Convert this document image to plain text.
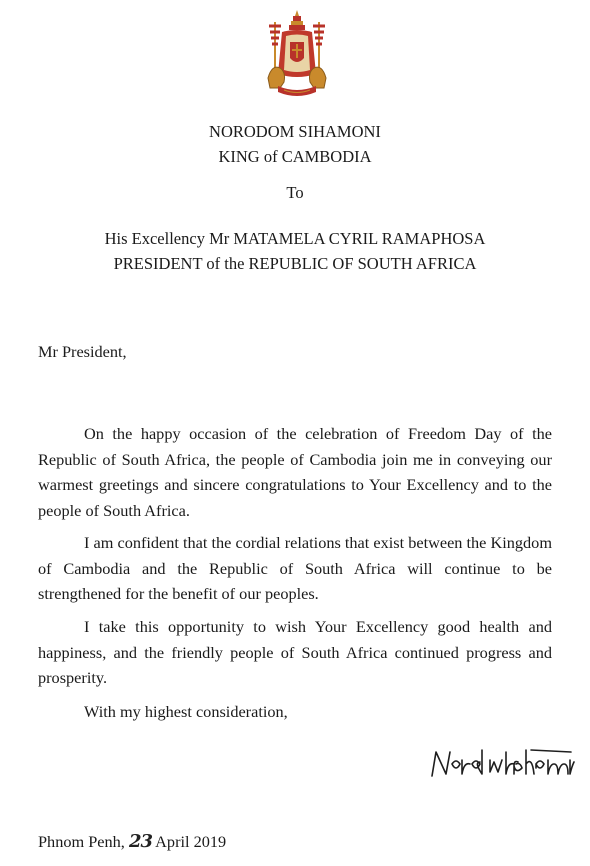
NORODOM SIHAMONI
KING of CAMBODIA
To
His Excellency Mr MATAMELA CYRIL RAMAPHOSA
PRESIDENT of the REPUBLIC OF SOUTH AFRICA
Mr President,
On the happy occasion of the celebration of Freedom Day of the Republic of South Africa, the people of Cambodia join me in conveying our warmest greetings and sincere congratulations to Your Excellency and to the people of South Africa.
I am confident that the cordial relations that exist between the Kingdom of Cambodia and the Republic of South Africa will continue to be strengthened for the benefit of our peoples.
I take this opportunity to wish Your Excellency good health and happiness, and the friendly people of South Africa continued progress and prosperity.
With my highest consideration,
Phnom Penh, 23 April 2019
